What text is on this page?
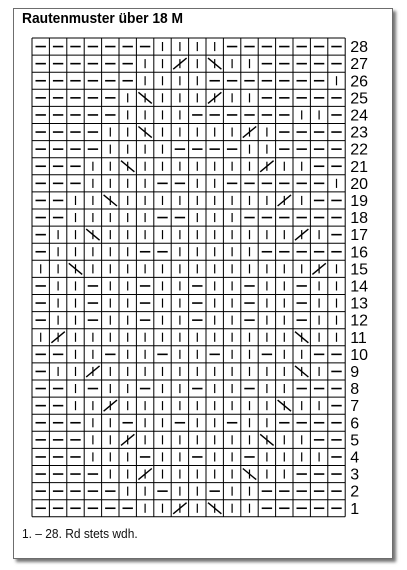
Rautenmuster über 18 M
28
27
26
25
24
23
22
21
20
19
18
17
16
15
14
13
12
11
10
9
8
7
6
5
4
3
2
1
1. – 28. Rd stets wdh.
